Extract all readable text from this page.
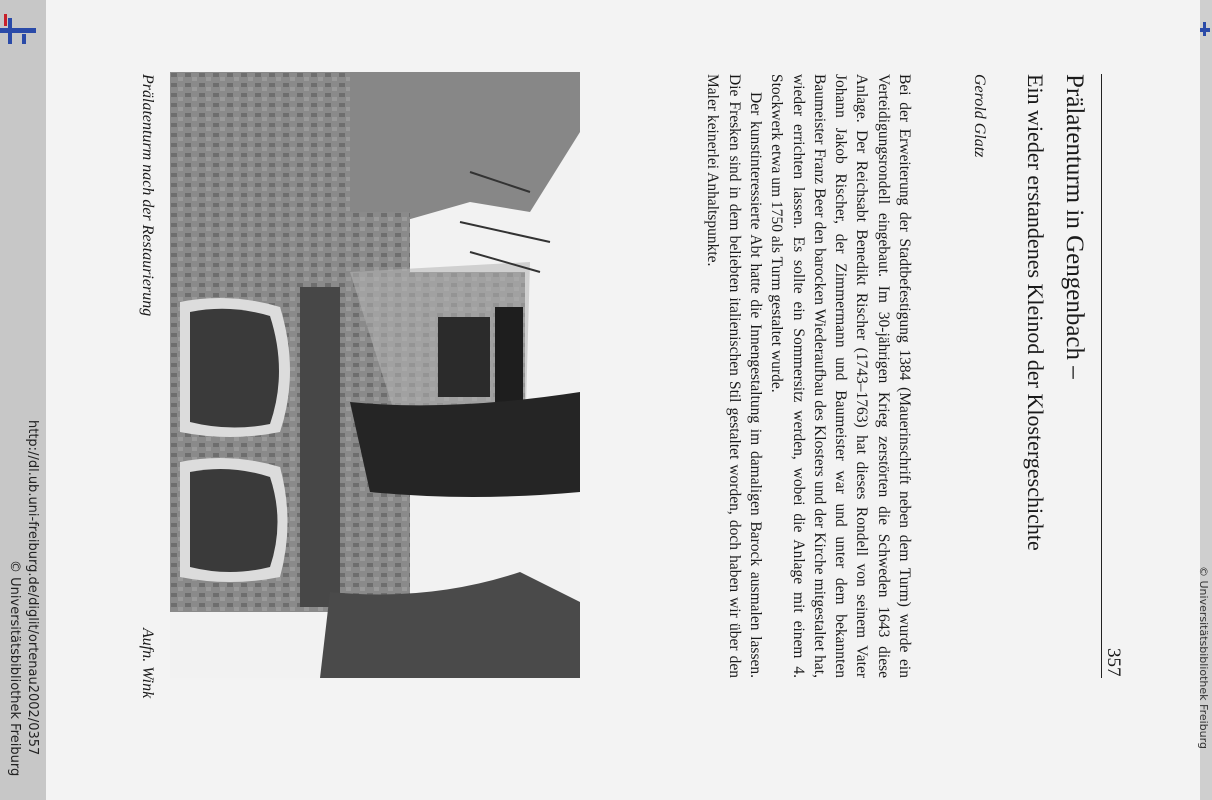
http://dl.ub.uni-freiburg.de/diglit/ortenau2002/0357
© Universitätsbibliothek Freiburg	© Universitätsbibliothek Freiburg
357
Prälatenturm in Gengenbach –
Ein wieder erstandenes Kleinod der Klostergeschichte
Gerold Glatz

Bei der Erweiterung der Stadtbefestigung 1384 (Mauerinschrift neben dem Turm) wurde ein Verteidigungsrondell eingebaut. Im 30-jährigen Krieg zerstörten die Schweden 1643 diese Anlage. Der Reichsabt Benedikt Rischer (1743–1763) hat dieses Rondell von seinem Vater Johann Jakob Rischer, der Zimmermann und Baumeister war und unter dem bekannten Baumeister Franz Beer den barocken Wiederaufbau des Klosters und der Kirche mitgestaltet hat, wieder errichten lassen. Es sollte ein Sommersitz werden, wobei die Anlage mit einem 4. Stockwerk etwa um 1750 als Turm gestaltet wurde.

Der kunstinteressierte Abt hatte die Innengestaltung im damaligen Barock ausmalen lassen. Die Fresken sind in dem beliebten italienischen Stil gestaltet worden, doch haben wir über den Maler keinerlei Anhaltspunkte.

Prälatenturm nach der Restaurierung
Aufn. Wink
